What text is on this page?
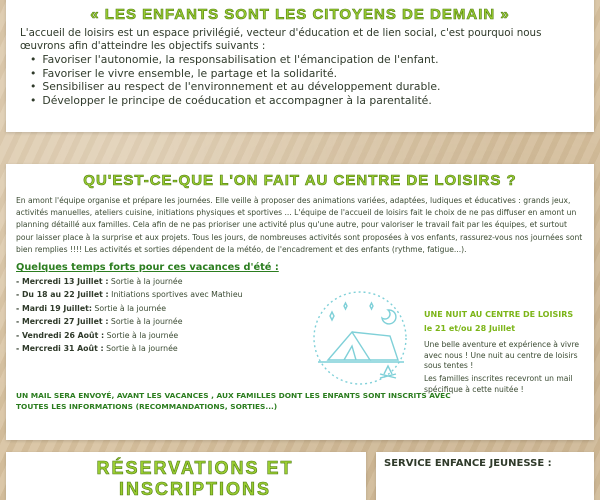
« LES ENFANTS SONT LES CITOYENS DE DEMAIN »

L'accueil de loisirs est un espace privilégié, vecteur d'éducation et de lien social, c'est pourquoi nous œuvrons afin d'atteindre les objectifs suivants :

• Favoriser l'autonomie, la responsabilisation et l'émancipation de l'enfant.
• Favoriser le vivre ensemble, le partage et la solidarité.
• Sensibiliser au respect de l'environnement et au développement durable.
• Développer le principe de coéducation et accompagner à la parentalité.
QU'EST-CE-QUE L'ON FAIT AU CENTRE DE LOISIRS ?

En amont l'équipe organise et prépare les journées. Elle veille à proposer des animations variées, adaptées, ludiques et éducatives : grands jeux, activités manuelles, ateliers cuisine, initiations physiques et sportives ... L'équipe de l'accueil de loisirs fait le choix de ne pas diffuser en amont un planning détaillé aux familles. Cela afin de ne pas prioriser une activité plus qu'une autre, pour valoriser le travail fait par les équipes, et surtout pour laisser place à la surprise et aux projets. Tous les jours, de nombreuses activités sont proposées à vos enfants, rassurez-vous nos journées sont bien remplies !!!! Les activités et sorties dépendent de la météo, de l'encadrement et des enfants (rythme, fatigue...).

Quelques temps forts pour ces vacances d'été :
- Mercredi 13 Juillet : Sortie à la journée
- Du 18 au 22 Juillet : Initiations sportives avec Mathieu
- Mardi 19 Juillet: Sortie à la journée
- Mercredi 27 Juillet : Sortie à la journée
- Vendredi 26 Août : Sortie à la journée
- Mercredi 31 Août : Sortie à la journée

UN MAIL SERA ENVOYÉ, AVANT LES VACANCES , AUX FAMILLES DONT LES ENFANTS SONT INSCRITS AVEC TOUTES LES INFORMATIONS (RECOMMANDATIONS, SORTIES...)

UNE NUIT AU CENTRE DE LOISIRS
le 21 et/ou 28 Juillet

Une belle aventure et expérience à vivre avec nous ! Une nuit au centre de loisirs sous tentes !

Les familles inscrites recevront un mail spécifique à cette nuitée !

RÉSERVATIONS ET INSCRIPTIONS
SERVICE ENFANCE JEUNESSE :
